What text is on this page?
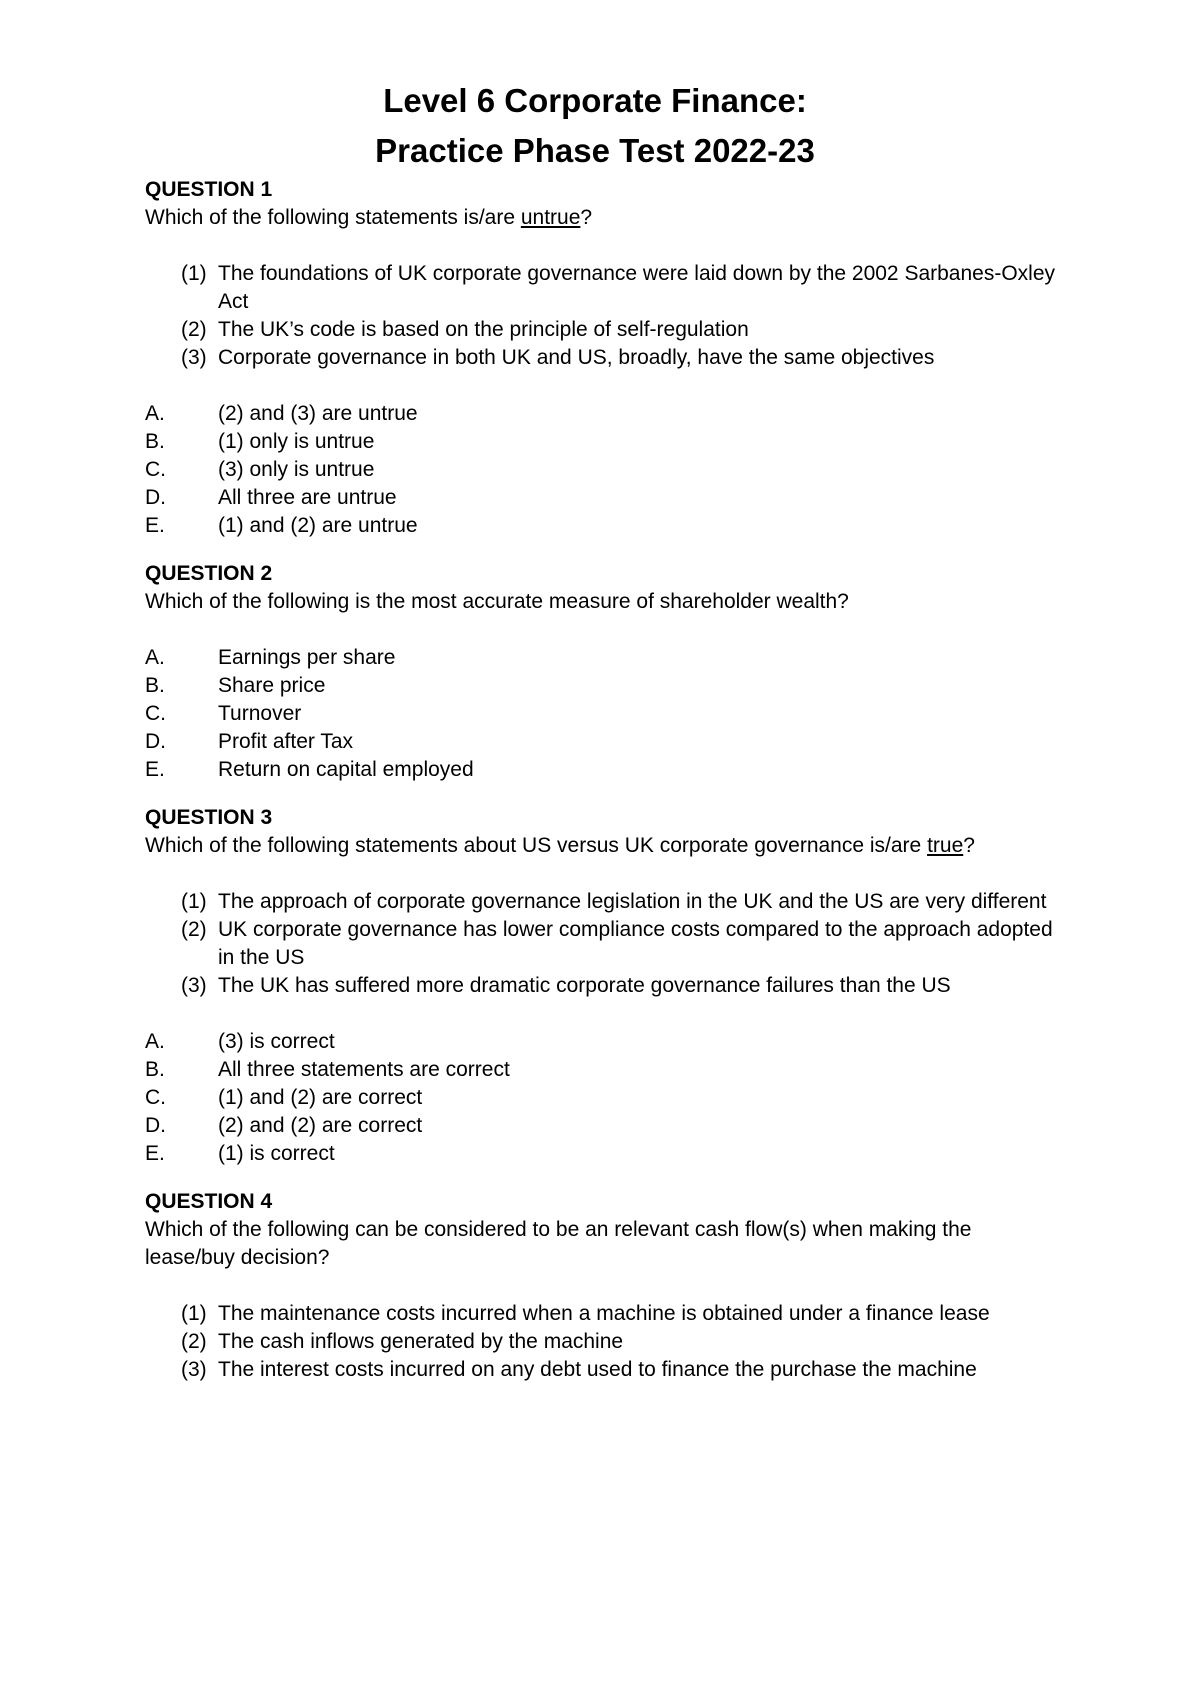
Level 6 Corporate Finance:
Practice Phase Test 2022-23
QUESTION 1
Which of the following statements is/are untrue?
(1) The foundations of UK corporate governance were laid down by the 2002 Sarbanes-Oxley Act
(2) The UK’s code is based on the principle of self-regulation
(3) Corporate governance in both UK and US, broadly, have the same objectives
A.	(2) and (3) are untrue
B.	(1) only is untrue
C.	(3) only is untrue
D.	All three are untrue
E.	(1) and (2) are untrue
QUESTION 2
Which of the following is the most accurate measure of shareholder wealth?
A.	Earnings per share
B.	Share price
C.	Turnover
D.	Profit after Tax
E.	Return on capital employed
QUESTION 3
Which of the following statements about US versus UK corporate governance is/are true?
(1) The approach of corporate governance legislation in the UK and the US are very different
(2) UK corporate governance has lower compliance costs compared to the approach adopted in the US
(3) The UK has suffered more dramatic corporate governance failures than the US
A.	(3) is correct
B.	All three statements are correct
C.	(1) and (2) are correct
D.	(2) and (2) are correct
E.	(1) is correct
QUESTION 4
Which of the following can be considered to be an relevant cash flow(s) when making the lease/buy decision?
(1) The maintenance costs incurred when a machine is obtained under a finance lease
(2) The cash inflows generated by the machine
(3) The interest costs incurred on any debt used to finance the purchase the machine
